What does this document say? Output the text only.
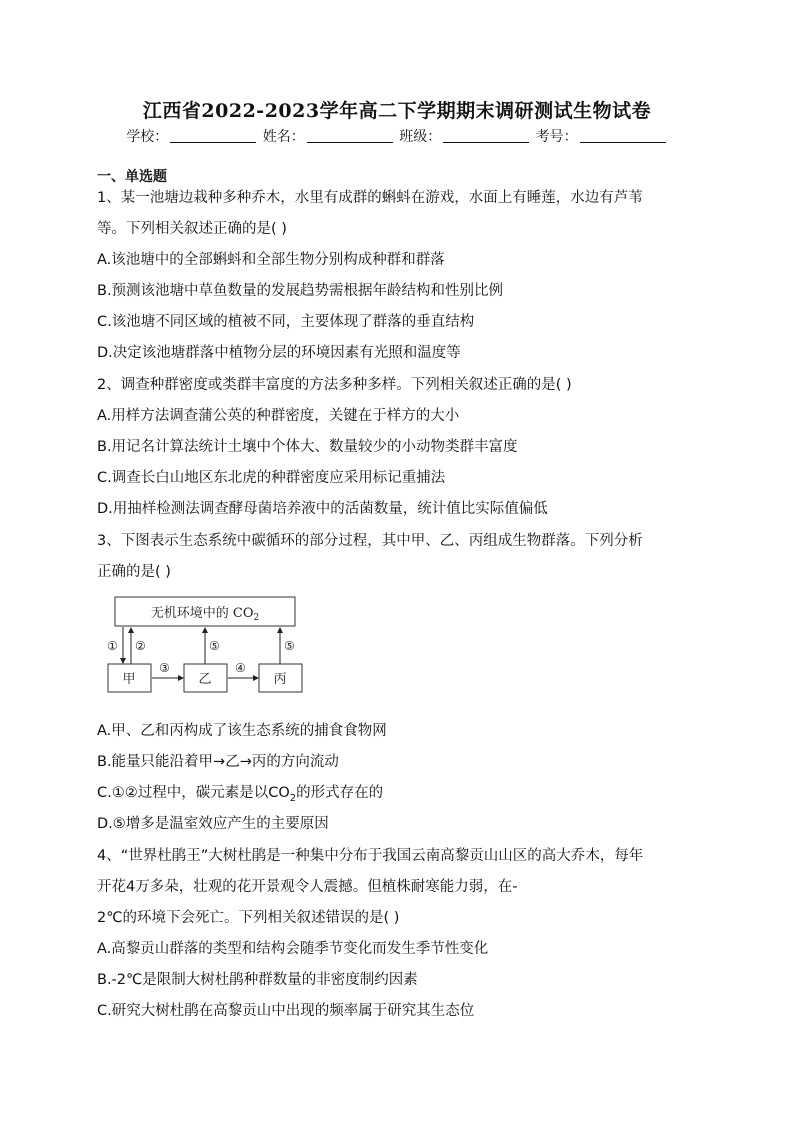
江西省2022-2023学年高二下学期期末调研测试生物试卷
学校：	姓名：	班级：	考号：
一、单选题
1、某一池塘边栽种多种乔木，水里有成群的蝌蚪在游戏，水面上有睡莲，水边有芦苇
等。下列相关叙述正确的是( )
A.该池塘中的全部蝌蚪和全部生物分别构成种群和群落
B.预测该池塘中草鱼数量的发展趋势需根据年龄结构和性别比例
C.该池塘不同区域的植被不同，主要体现了群落的垂直结构
D.决定该池塘群落中植物分层的环境因素有光照和温度等
2、调查种群密度或类群丰富度的方法多种多样。下列相关叙述正确的是( )
A.用样方法调查蒲公英的种群密度，关键在于样方的大小
B.用记名计算法统计土壤中个体大、数量较少的小动物类群丰富度
C.调查长白山地区东北虎的种群密度应采用标记重捕法
D.用抽样检测法调查酵母菌培养液中的活菌数量，统计值比实际值偏低
3、下图表示生态系统中碳循环的部分过程，其中甲、乙、丙组成生物群落。下列分析
正确的是( )
无机环境中的 $CO_2$
甲	乙	丙
① ②	⑤	⑤
③	④
A.甲、乙和丙构成了该生态系统的捕食食物网
B.能量只能沿着甲→乙→丙的方向流动
C.①②过程中，碳元素是以$CO_2$的形式存在的
D.⑤增多是温室效应产生的主要原因
4、“世界杜鹃王”大树杜鹃是一种集中分布于我国云南高黎贡山山区的高大乔木，每年
开花4万多朵，壮观的花开景观令人震撼。但植株耐寒能力弱，在-
2℃的环境下会死亡。下列相关叙述错误的是( )
A.高黎贡山群落的类型和结构会随季节变化而发生季节性变化
B.-2℃是限制大树杜鹃种群数量的非密度制约因素
C.研究大树杜鹃在高黎贡山中出现的频率属于研究其生态位
